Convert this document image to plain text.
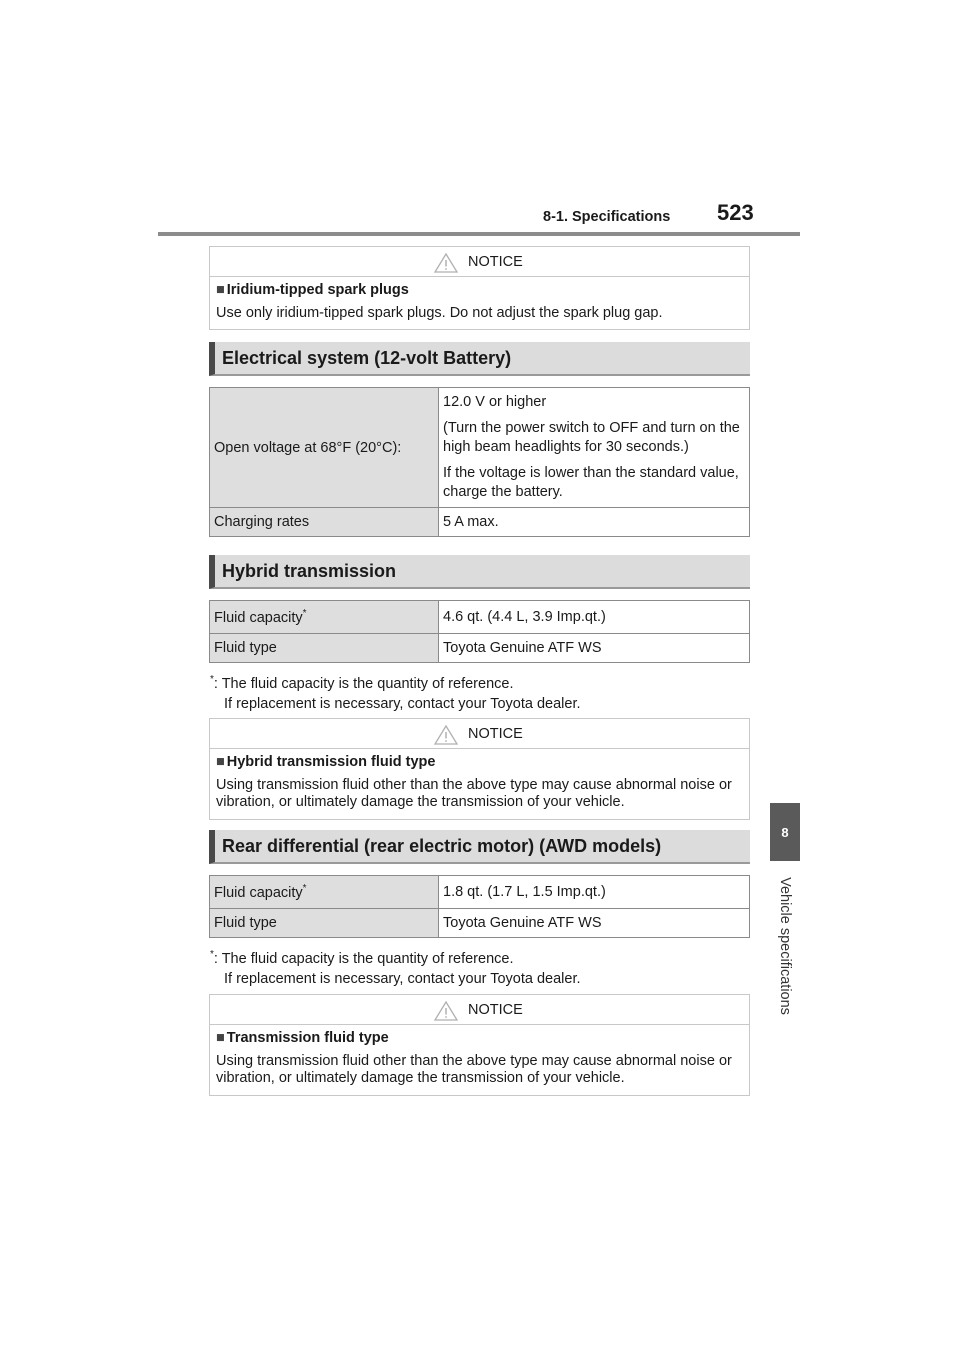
8-1. Specifications 523
8
Vehicle specifications
NOTICE
■ Iridium-tipped spark plugs
Use only iridium-tipped spark plugs. Do not adjust the spark plug gap.
Electrical system (12-volt Battery)
Open voltage at 68°F (20°C):	12.0 V or higher

(Turn the power switch to OFF and turn on the high beam headlights for 30 seconds.)

If the voltage is lower than the standard value, charge the battery.

Charging rates	5 A max.
Hybrid transmission
Fluid capacity*	4.6 qt. (4.4 L, 3.9 Imp.qt.)
Fluid type	Toyota Genuine ATF WS
*: The fluid capacity is the quantity of reference.
If replacement is necessary, contact your Toyota dealer.
NOTICE
■ Hybrid transmission fluid type
Using transmission fluid other than the above type may cause abnormal noise or vibration, or ultimately damage the transmission of your vehicle.
Rear differential (rear electric motor) (AWD models)
Fluid capacity*	1.8 qt. (1.7 L, 1.5 Imp.qt.)
Fluid type	Toyota Genuine ATF WS
*: The fluid capacity is the quantity of reference.
If replacement is necessary, contact your Toyota dealer.
NOTICE
■ Transmission fluid type
Using transmission fluid other than the above type may cause abnormal noise or vibration, or ultimately damage the transmission of your vehicle.
